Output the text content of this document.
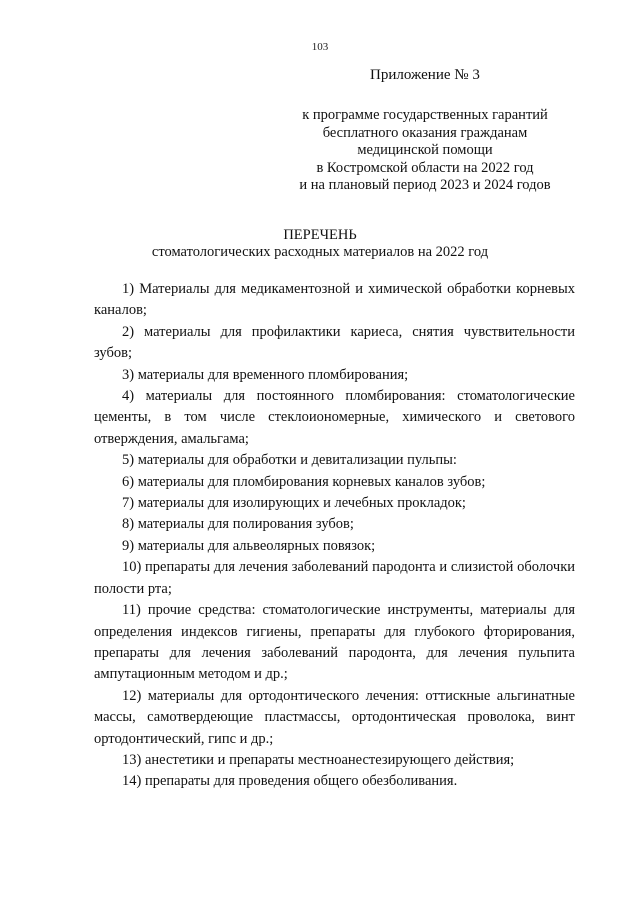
103
Приложение № 3
к программе государственных гарантий
бесплатного оказания гражданам
медицинской помощи
в Костромской области на 2022 год
и на плановый период 2023 и 2024 годов
ПЕРЕЧЕНЬ
стоматологических расходных материалов на 2022 год

1) Материалы для медикаментозной и химической обработки корневых каналов;

2) материалы для профилактики кариеса, снятия чувствительности зубов;

3) материалы для временного пломбирования;

4) материалы для постоянного пломбирования: стоматологические цементы, в том числе стеклоиономерные, химического и светового отверждения, амальгама;

5) материалы для обработки и девитализации пульпы:

6) материалы для пломбирования корневых каналов зубов;

7) материалы для изолирующих и лечебных прокладок;

8) материалы для полирования зубов;

9) материалы для альвеолярных повязок;

10) препараты для лечения заболеваний пародонта и слизистой оболочки полости рта;

11) прочие средства: стоматологические инструменты, материалы для определения индексов гигиены, препараты для глубокого фторирования, препараты для лечения заболеваний пародонта, для лечения пульпита ампутационным методом и др.;

12) материалы для ортодонтического лечения: оттискные альгинатные массы, самотвердеющие пластмассы, ортодонтическая проволока, винт ортодонтический, гипс и др.;

13) анестетики и препараты местноанестезирующего действия;

14) препараты для проведения общего обезболивания.
